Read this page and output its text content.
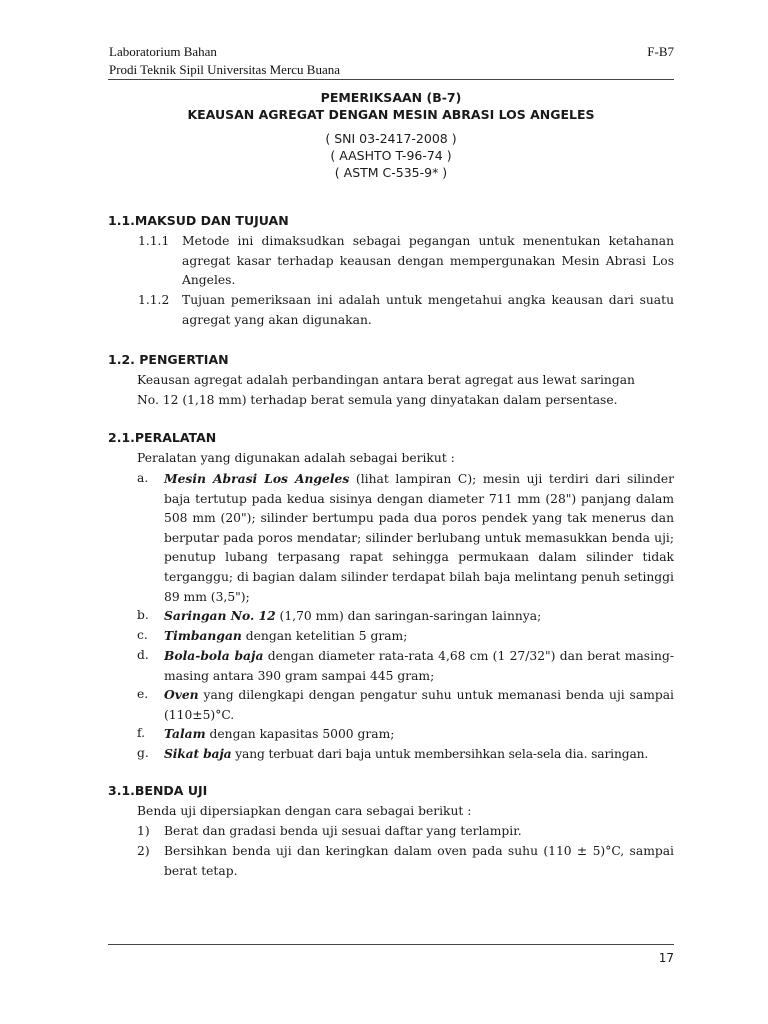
Laboratorium Bahan
Prodi Teknik Sipil Universitas Mercu Buana
F-B7
PEMERIKSAAN (B-7)
KEAUSAN AGREGAT DENGAN MESIN ABRASI LOS ANGELES
( SNI 03-2417-2008 )
( AASHTO T-96-74 )
( ASTM C-535-9* )
1.1.MAKSUD DAN TUJUAN
1.1.1 Metode ini dimaksudkan sebagai pegangan untuk menentukan ketahanan agregat kasar terhadap keausan dengan mempergunakan Mesin Abrasi Los Angeles.
1.1.2 Tujuan pemeriksaan ini adalah untuk mengetahui angka keausan dari suatu agregat yang akan digunakan.
1.2. PENGERTIAN
Keausan agregat adalah perbandingan antara berat agregat aus lewat saringan No. 12 (1,18 mm) terhadap berat semula yang dinyatakan dalam persentase.
2.1.PERALATAN
Peralatan yang digunakan adalah sebagai berikut :
a. Mesin Abrasi Los Angeles (lihat lampiran C); mesin uji terdiri dari silinder baja tertutup pada kedua sisinya dengan diameter 711 mm (28") panjang dalam 508 mm (20"); silinder bertumpu pada dua poros pendek yang tak menerus dan berputar pada poros mendatar; silinder berlubang untuk memasukkan benda uji; penutup lubang terpasang rapat sehingga permukaan dalam silinder tidak terganggu; di bagian dalam silinder terdapat bilah baja melintang penuh setinggi 89 mm (3,5");
b. Saringan No. 12 (1,70 mm) dan saringan-saringan lainnya;
c. Timbangan dengan ketelitian 5 gram;
d. Bola-bola baja dengan diameter rata-rata 4,68 cm (1 27/32") dan berat masing-masing antara 390 gram sampai 445 gram;
e. Oven yang dilengkapi dengan pengatur suhu untuk memanasi benda uji sampai (110±5)°C.
f. Talam dengan kapasitas 5000 gram;
g. Sikat baja yang terbuat dari baja untuk membersihkan sela-sela dia. saringan.
3.1.BENDA UJI
Benda uji dipersiapkan dengan cara sebagai berikut :
1) Berat dan gradasi benda uji sesuai daftar yang terlampir.
2) Bersihkan benda uji dan keringkan dalam oven pada suhu (110 ± 5)°C, sampai berat tetap.
17
